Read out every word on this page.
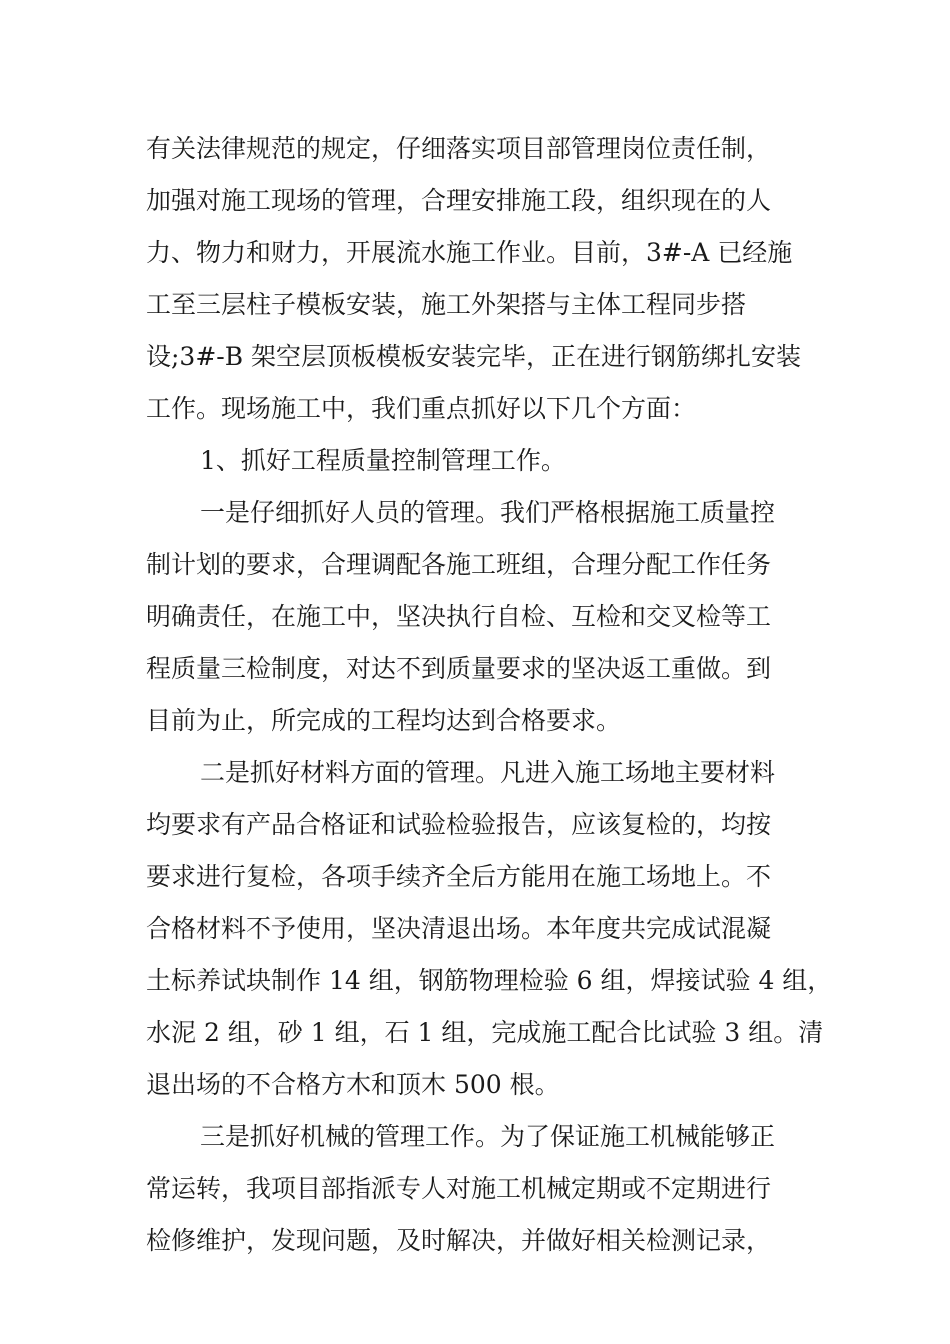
有关法律规范的规定，仔细落实项目部管理岗位责任制，
加强对施工现场的管理，合理安排施工段，组织现在的人
力、物力和财力，开展流水施工作业。目前，3#-A 已经施
工至三层柱子模板安装，施工外架搭与主体工程同步搭
设;3#-B 架空层顶板模板安装完毕，正在进行钢筋绑扎安装
工作。现场施工中，我们重点抓好以下几个方面：
1、抓好工程质量控制管理工作。
一是仔细抓好人员的管理。我们严格根据施工质量控
制计划的要求，合理调配各施工班组，合理分配工作任务
明确责任，在施工中，坚决执行自检、互检和交叉检等工
程质量三检制度，对达不到质量要求的坚决返工重做。到
目前为止，所完成的工程均达到合格要求。
二是抓好材料方面的管理。凡进入施工场地主要材料
均要求有产品合格证和试验检验报告，应该复检的，均按
要求进行复检，各项手续齐全后方能用在施工场地上。不
合格材料不予使用，坚决清退出场。本年度共完成试混凝
土标养试块制作 14 组，钢筋物理检验 6 组，焊接试验 4 组，
水泥 2 组，砂 1 组，石 1 组，完成施工配合比试验 3 组。清
退出场的不合格方木和顶木 500 根。
三是抓好机械的管理工作。为了保证施工机械能够正
常运转，我项目部指派专人对施工机械定期或不定期进行
检修维护，发现问题，及时解决，并做好相关检测记录，
